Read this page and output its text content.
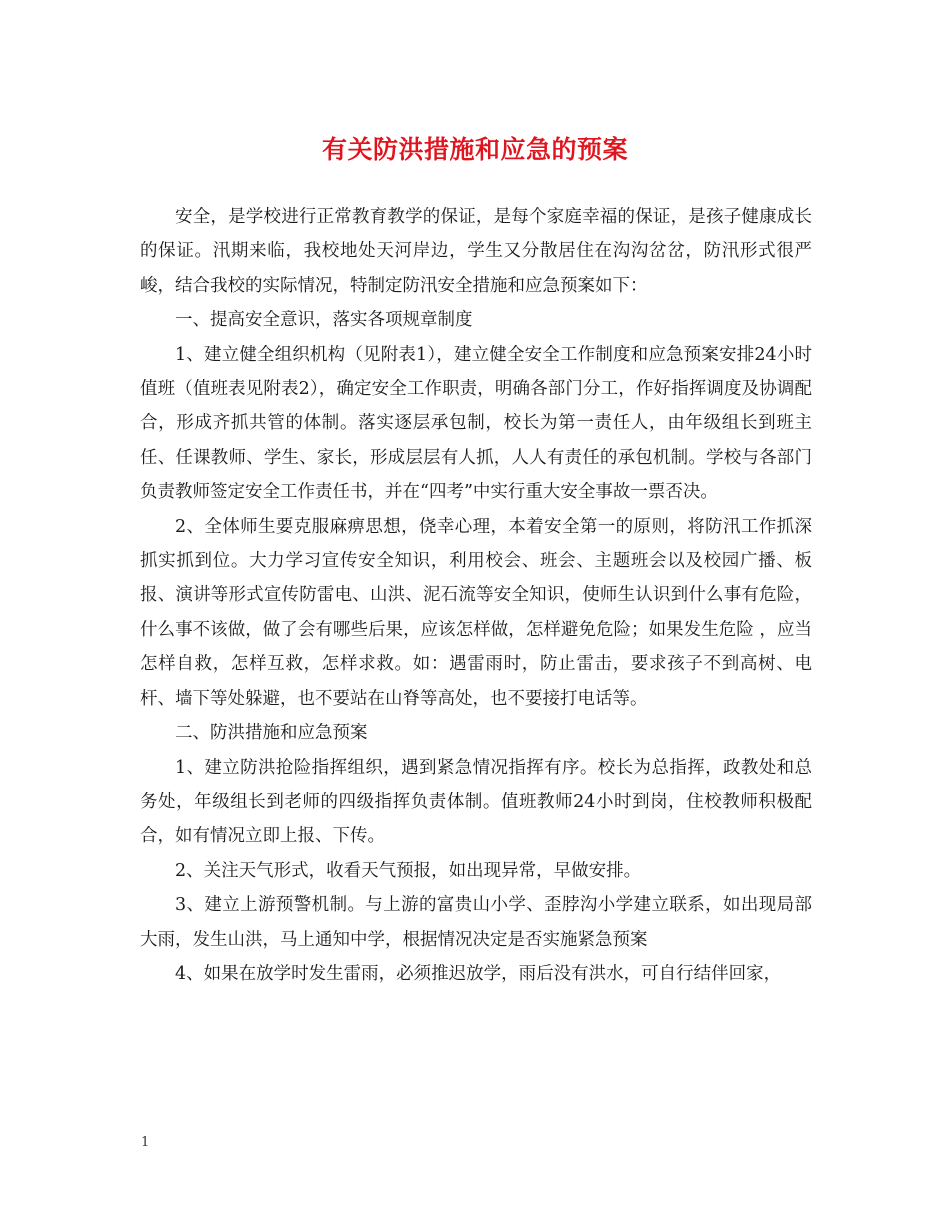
有关防洪措施和应急的预案

安全，是学校进行正常教育教学的保证，是每个家庭幸福的保证，是孩子健康成长的保证。汛期来临，我校地处天河岸边，学生又分散居住在沟沟岔岔，防汛形式很严峻，结合我校的实际情况，特制定防汛安全措施和应急预案如下：

一、提高安全意识，落实各项规章制度

1、建立健全组织机构（见附表1），建立健全安全工作制度和应急预案安排24小时值班（值班表见附表2），确定安全工作职责，明确各部门分工，作好指挥调度及协调配合，形成齐抓共管的体制。落实逐层承包制，校长为第一责任人，由年级组长到班主任、任课教师、学生、家长，形成层层有人抓，人人有责任的承包机制。学校与各部门负责教师签定安全工作责任书，并在“四考”中实行重大安全事故一票否决。

2、全体师生要克服麻痹思想，侥幸心理，本着安全第一的原则，将防汛工作抓深抓实抓到位。大力学习宣传安全知识，利用校会、班会、主题班会以及校园广播、板报、演讲等形式宣传防雷电、山洪、泥石流等安全知识，使师生认识到什么事有危险，什么事不该做，做了会有哪些后果，应该怎样做，怎样避免危险；如果发生危险 ，应当怎样自救，怎样互救，怎样求救。如：遇雷雨时，防止雷击，要求孩子不到高树、电杆、墙下等处躲避，也不要站在山脊等高处，也不要接打电话等。

二、防洪措施和应急预案

1、建立防洪抢险指挥组织，遇到紧急情况指挥有序。校长为总指挥，政教处和总务处，年级组长到老师的四级指挥负责体制。值班教师24小时到岗，住校教师积极配合，如有情况立即上报、下传。

2、关注天气形式，收看天气预报，如出现异常，早做安排。

3、建立上游预警机制。与上游的富贵山小学、歪脖沟小学建立联系，如出现局部大雨，发生山洪，马上通知中学，根据情况决定是否实施紧急预案

4、如果在放学时发生雷雨，必须推迟放学，雨后没有洪水，可自行结伴回家，

1
